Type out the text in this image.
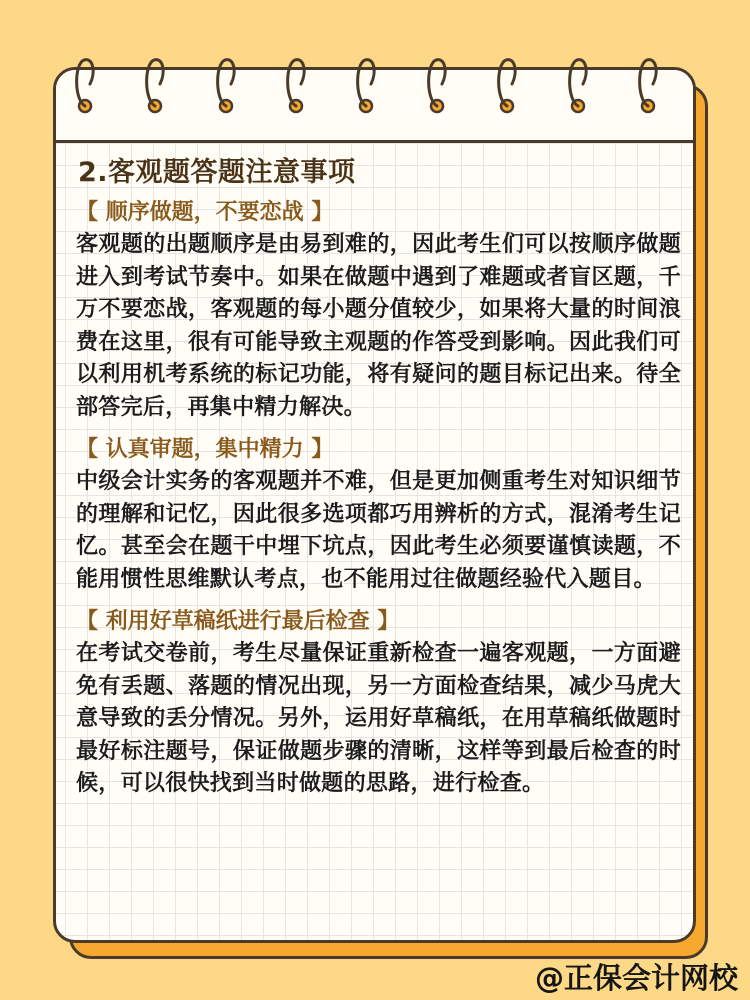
2.客观题答题注意事项
【 顺序做题，不要恋战 】
客观题的出题顺序是由易到难的，因此考生们可以按顺序做题进入到考试节奏中。如果在做题中遇到了难题或者盲区题，千万不要恋战，客观题的每小题分值较少，如果将大量的时间浪费在这里，很有可能导致主观题的作答受到影响。因此我们可以利用机考系统的标记功能，将有疑问的题目标记出来。待全部答完后，再集中精力解决。
【 认真审题，集中精力 】
中级会计实务的客观题并不难，但是更加侧重考生对知识细节的理解和记忆，因此很多选项都巧用辨析的方式，混淆考生记忆。甚至会在题干中埋下坑点，因此考生必须要谨慎读题，不能用惯性思维默认考点，也不能用过往做题经验代入题目。
【 利用好草稿纸进行最后检查 】
在考试交卷前，考生尽量保证重新检查一遍客观题，一方面避免有丢题、落题的情况出现，另一方面检查结果，减少马虎大意导致的丢分情况。另外，运用好草稿纸，在用草稿纸做题时最好标注题号，保证做题步骤的清晰，这样等到最后检查的时候，可以很快找到当时做题的思路，进行检查。
@正保会计网校
